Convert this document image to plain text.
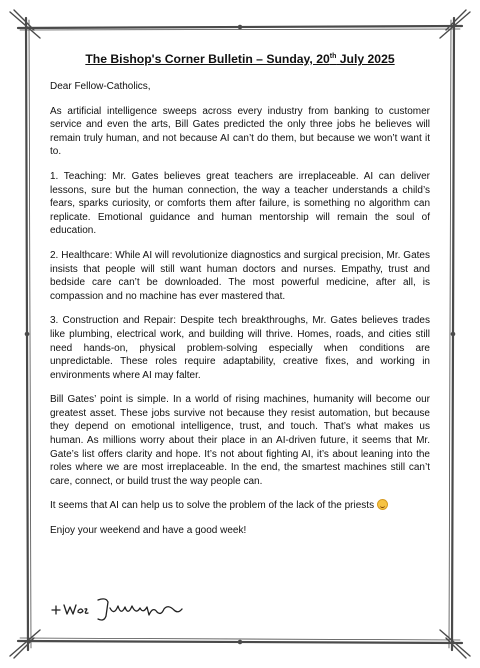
The Bishop's Corner Bulletin – Sunday, 20th July 2025

Dear Fellow-Catholics,

As artificial intelligence sweeps across every industry from banking to customer service and even the arts, Bill Gates predicted the only three jobs he believes will remain truly human, and not because AI can’t do them, but because we won’t want it to.

1. Teaching: Mr. Gates believes great teachers are irreplaceable. AI can deliver lessons, sure but the human connection, the way a teacher understands a child’s fears, sparks curiosity, or comforts them after failure, is something no algorithm can replicate. Emotional guidance and human mentorship will remain the soul of education.

2. Healthcare: While AI will revolutionize diagnostics and surgical precision, Mr. Gates insists that people will still want human doctors and nurses. Empathy, trust and bedside care can’t be downloaded. The most powerful medicine, after all, is compassion and no machine has ever mastered that.

3. Construction and Repair: Despite tech breakthroughs, Mr. Gates believes trades like plumbing, electrical work, and building will thrive. Homes, roads, and cities still need hands-on, physical problem-solving especially when conditions are unpredictable. These roles require adaptability, creative fixes, and working in environments where AI may falter.

Bill Gates’ point is simple. In a world of rising machines, humanity will become our greatest asset. These jobs survive not because they resist automation, but because they depend on emotional intelligence, trust, and touch. That’s what makes us human. As millions worry about their place in an AI-driven future, it seems that Mr. Gate’s list offers clarity and hope. It’s not about fighting AI, it’s about leaning into the roles where we are most irreplaceable. In the end, the smartest machines still can’t care, connect, or build trust the way people can.

It seems that AI can help us to solve the problem of the lack of the priests

Enjoy your weekend and have a good week!
